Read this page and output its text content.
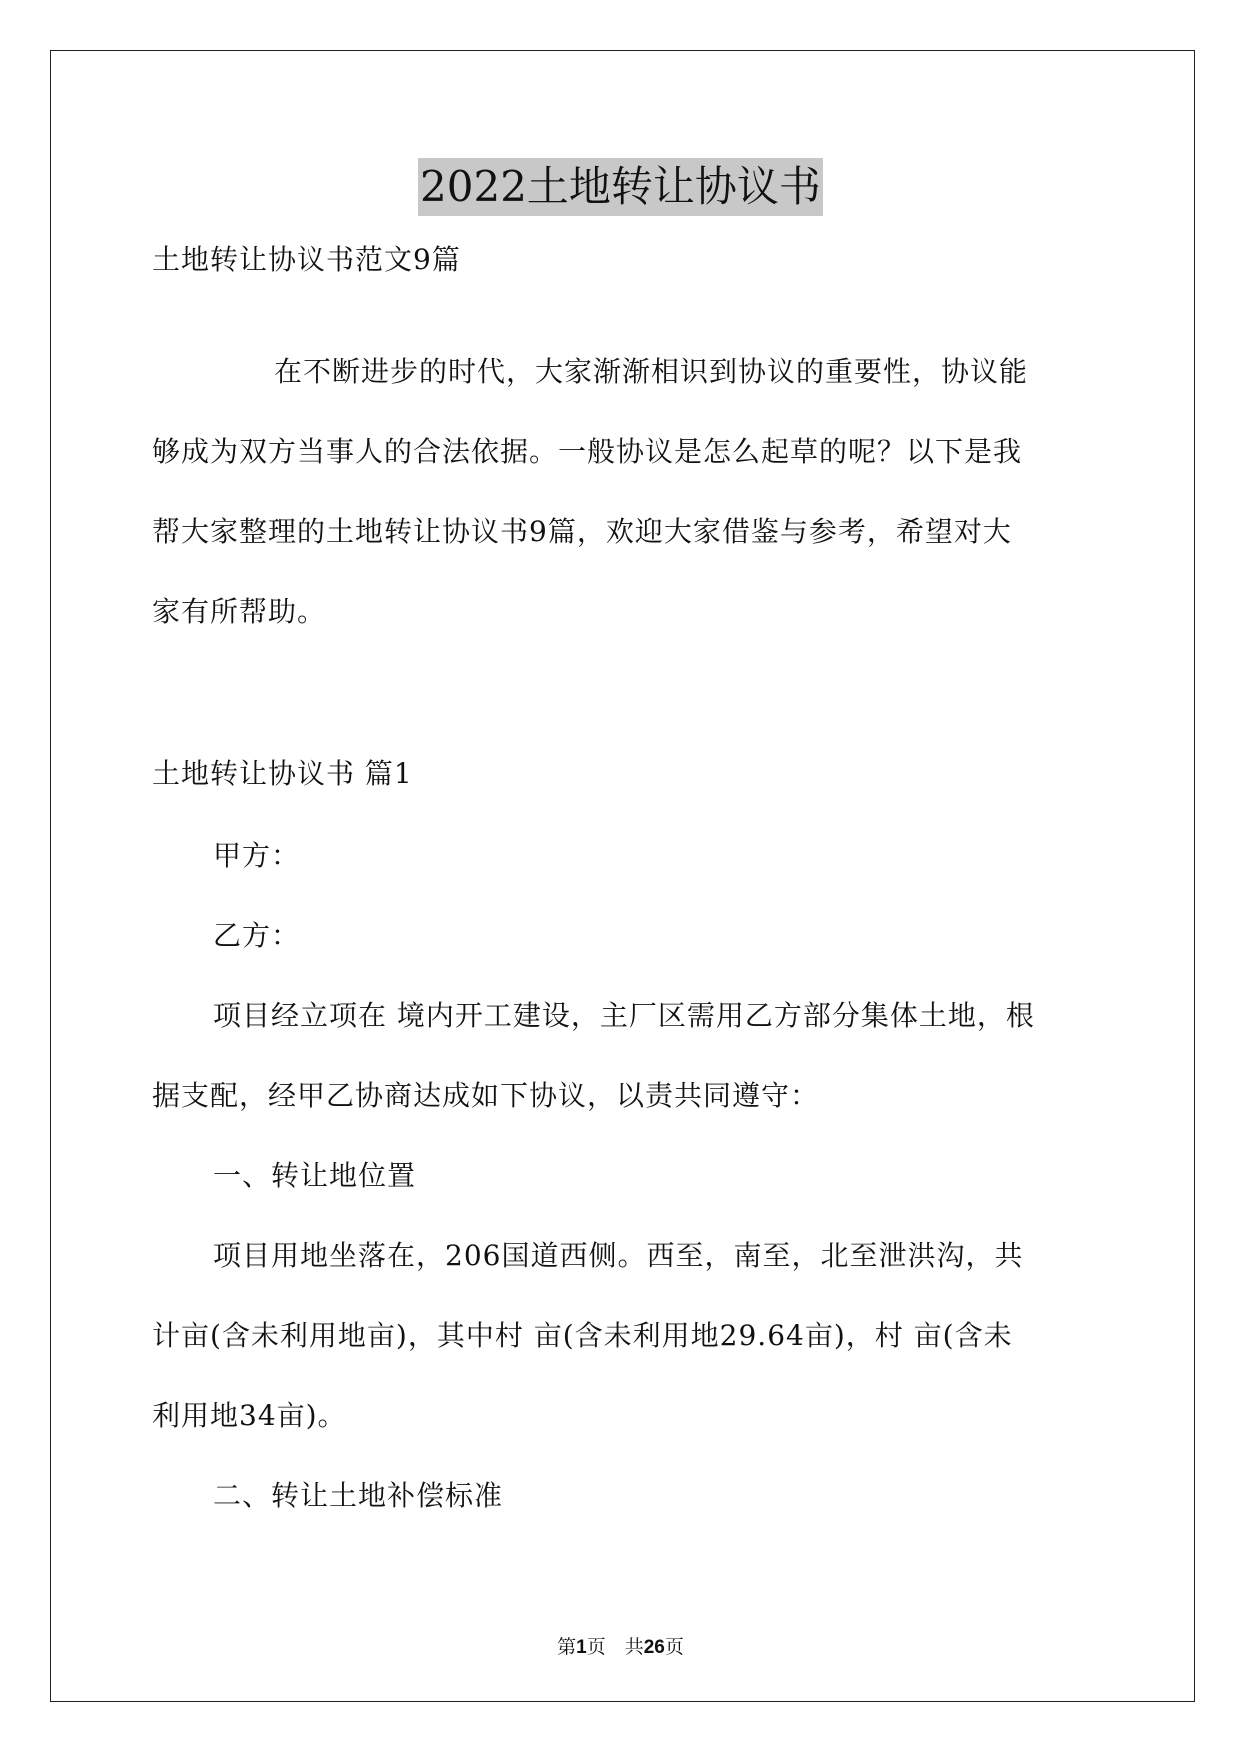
2022土地转让协议书
土地转让协议书范文9篇
在不断进步的时代，大家渐渐相识到协议的重要性，协议能
够成为双方当事人的合法依据。一般协议是怎么起草的呢？以下是我
帮大家整理的土地转让协议书9篇，欢迎大家借鉴与参考，希望对大
家有所帮助。
土地转让协议书 篇1
甲方：
乙方：
项目经立项在 境内开工建设，主厂区需用乙方部分集体土地，根
据支配，经甲乙协商达成如下协议，以责共同遵守：
一、转让地位置
项目用地坐落在，206国道西侧。西至，南至，北至泄洪沟，共
计亩(含未利用地亩)，其中村 亩(含未利用地29.64亩)，村 亩(含未
利用地34亩)。
二、转让土地补偿标准
第1页　共26页
